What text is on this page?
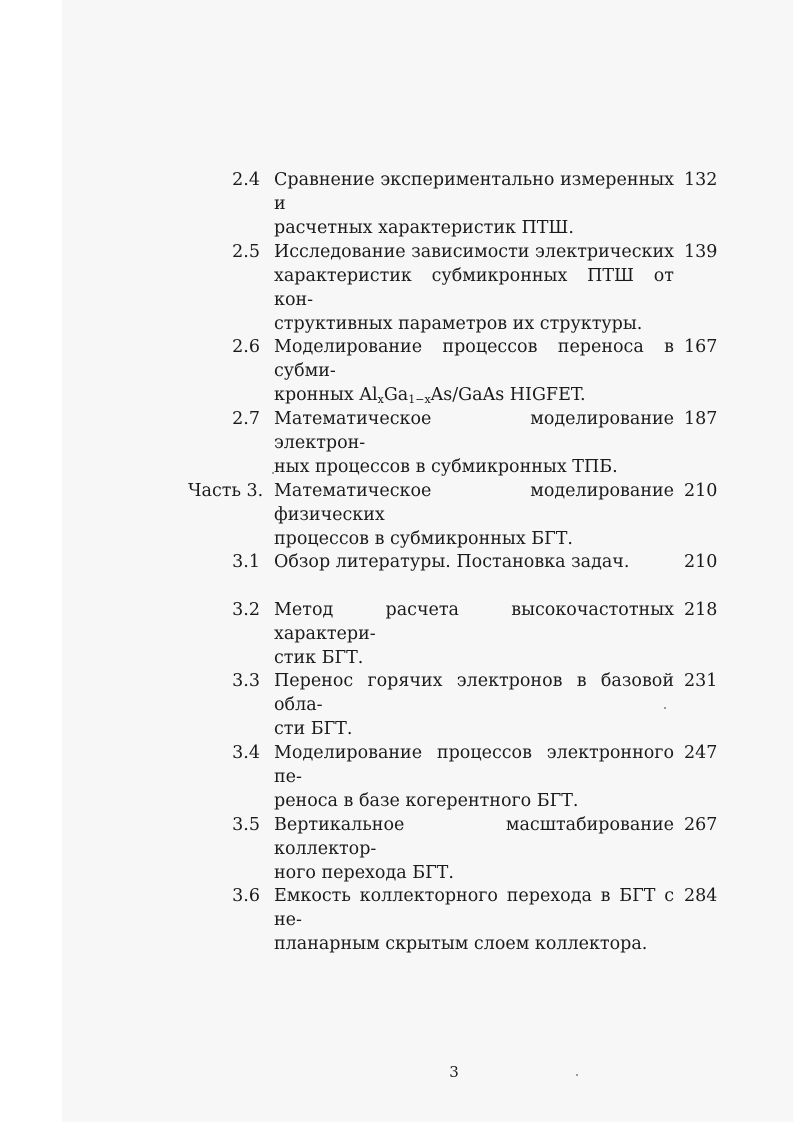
2.4 Сравнение экспериментально измеренных и
расчетных характеристик ПТШ.
132
2.5 Исследование зависимости электрических
характеристик субмикронных ПТШ от кон-
структивных параметров их структуры.
139
2.6 Моделирование процессов переноса в субми-
кронных $Al_xGa_{1-x}As$/GaAs HIGFET.
167
2.7 Математическое моделирование электрон-
ных процессов в субмикронных ТПБ.
187
Часть 3. Математическое моделирование физических
процессов в субмикронных БГТ.
210
3.1 Обзор литературы. Постановка задач.	210
3.2 Метод расчета высокочастотных характери-
стик БГТ.
218
3.3 Перенос горячих электронов в базовой обла-
сти БГТ.
231
3.4 Моделирование процессов электронного пе-
реноса в базе когерентного БГТ.
247
3.5 Вертикальное масштабирование коллектор-
ного перехода БГТ.
267
3.6 Емкость коллекторного перехода в БГТ с не-
планарным скрытым слоем коллектора.
284
3
